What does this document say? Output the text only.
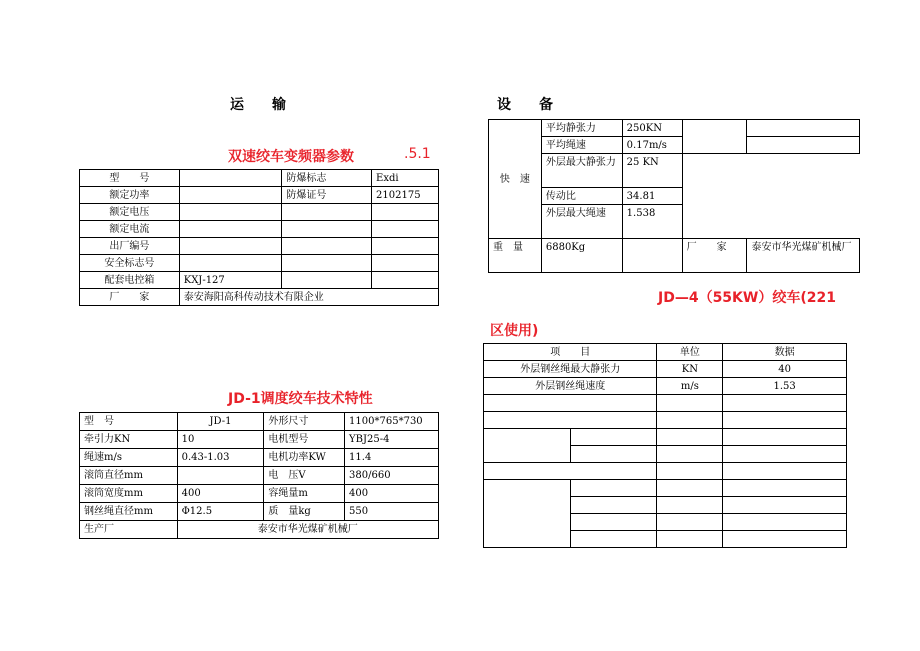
运　　输	设　　备
双速绞车变频器参数	.5.1
型　　号		防爆标志	Exdi
额定功率		防爆证号	2102175
额定电压			
额定电流			
出厂编号			
安全标志号			
配套电控箱	KXJ-127		
厂　　家	泰安海阳高科传动技术有限企业		
JD-1调度绞车技术特性
型　号	JD-1	外形尺寸	1100*765*730
牵引力KN	10	电机型号	YBJ25-4
绳速m/s	0.43-1.03	电机功率KW	11.4
滚筒直径mm		电　压V	380/660
滚筒宽度mm	400	容绳量m	400
钢丝绳直径mm	Φ12.5	质　量kg	550
生产厂	泰安市华光煤矿机械厂		
快　速	平均静张力	250KN		
	平均绳速	0.17m/s		
	外层最大静张力	25 KN		
	传动比	34.81		
	外层最大绳速	1.538		
重　量	6880Kg		厂　　家	泰安市华光煤矿机械厂
JD—4（55KW）绞车(221
区使用)
项　　目		单位	数据
外层钢丝绳最大静张力		KN	40
外层钢丝绳速度		m/s	1.53
